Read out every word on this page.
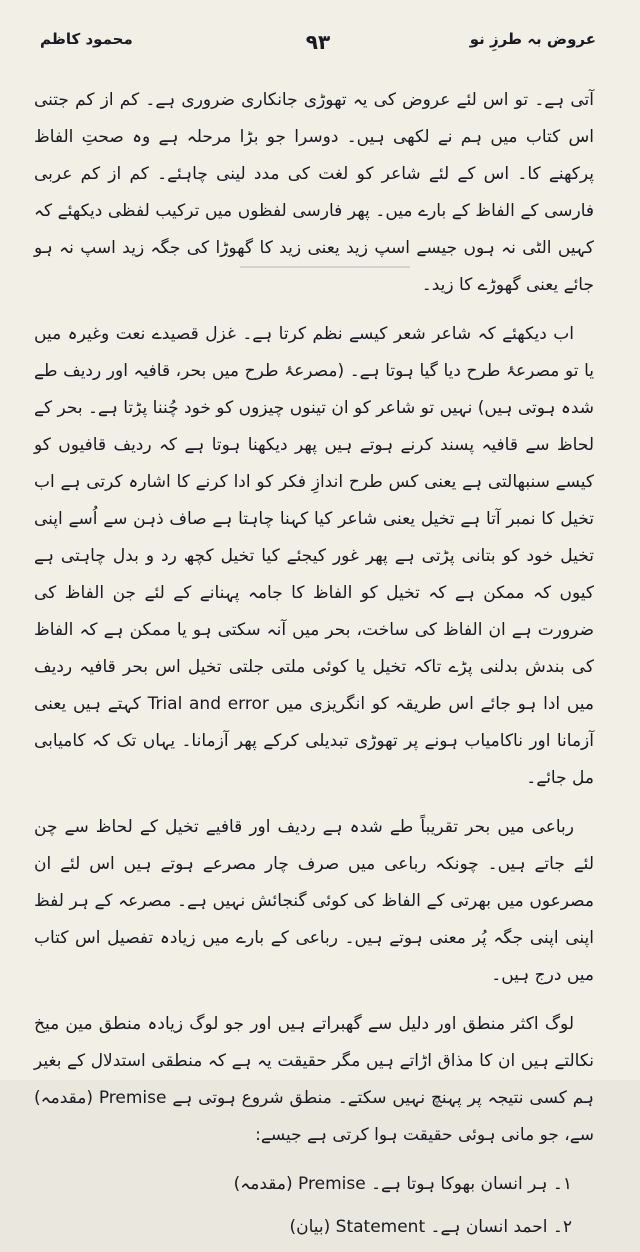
عروض بہ طرزِ نو
۹۳
محمود کاظم

آتی ہے۔ تو اس لئے عروض کی یہ تھوڑی جانکاری ضروری ہے۔ کم از کم جتنی اس کتاب میں ہم نے لکھی ہیں۔ دوسرا جو بڑا مرحلہ ہے وہ صحتِ الفاظ پرکھنے کا۔ اس کے لئے شاعر کو لغت کی مدد لینی چاہئے۔ کم از کم عربی فارسی کے الفاظ کے بارے میں۔ پھر فارسی لفظوں میں ترکیب لفظی دیکھئے کہ کہیں الٹی نہ ہوں جیسے اسپ زید یعنی زید کا گھوڑا کی جگہ زید اسپ نہ ہو جائے یعنی گھوڑے کا زید۔

اب دیکھئے کہ شاعر شعر کیسے نظم کرتا ہے۔ غزل قصیدے نعت وغیرہ میں یا تو مصرعۂ طرح دیا گیا ہوتا ہے۔ (مصرعۂ طرح میں بحر، قافیہ اور ردیف طے شدہ ہوتی ہیں) نہیں تو شاعر کو ان تینوں چیزوں کو خود چُننا پڑتا ہے۔ بحر کے لحاظ سے قافیہ پسند کرنے ہوتے ہیں پھر دیکھنا ہوتا ہے کہ ردیف قافیوں کو کیسے سنبھالتی ہے یعنی کس طرح اندازِ فکر کو ادا کرنے کا اشارہ کرتی ہے اب تخیل کا نمبر آتا ہے تخیل یعنی شاعر کیا کہنا چاہتا ہے صاف ذہن سے اُسے اپنی تخیل خود کو بتانی پڑتی ہے پھر غور کیجئے کیا تخیل کچھ رد و بدل چاہتی ہے کیوں کہ ممکن ہے کہ تخیل کو الفاظ کا جامہ پہنانے کے لئے جن الفاظ کی ضرورت ہے ان الفاظ کی ساخت، بحر میں آنہ سکتی ہو یا ممکن ہے کہ الفاظ کی بندش بدلنی پڑے تاکہ تخیل یا کوئی ملتی جلتی تخیل اس بحر قافیہ ردیف میں ادا ہو جائے اس طریقہ کو انگریزی میں Trial and error کہتے ہیں یعنی آزمانا اور ناکامیاب ہونے پر تھوڑی تبدیلی کرکے پھر آزمانا۔ یہاں تک کہ کامیابی مل جائے۔

رباعی میں بحر تقریباً طے شدہ ہے ردیف اور قافیے تخیل کے لحاظ سے چن لئے جاتے ہیں۔ چونکہ رباعی میں صرف چار مصرعے ہوتے ہیں اس لئے ان مصرعوں میں بھرتی کے الفاظ کی کوئی گنجائش نہیں ہے۔ مصرعہ کے ہر لفظ اپنی اپنی جگہ پُر معنی ہوتے ہیں۔ رباعی کے بارے میں زیادہ تفصیل اس کتاب میں درج ہیں۔

لوگ اکثر منطق اور دلیل سے گھبراتے ہیں اور جو لوگ زیادہ منطق مین میخ نکالتے ہیں ان کا مذاق اڑاتے ہیں مگر حقیقت یہ ہے کہ منطقی استدلال کے بغیر ہم کسی نتیجہ پر پہنچ نہیں سکتے۔ منطق شروع ہوتی ہے Premise (مقدمہ) سے، جو مانی ہوئی حقیقت ہوا کرتی ہے جیسے:

۱۔ ہر انسان بھوکا ہوتا ہے۔ Premise (مقدمہ)

۲۔ احمد انسان ہے۔ Statement (بیان)
